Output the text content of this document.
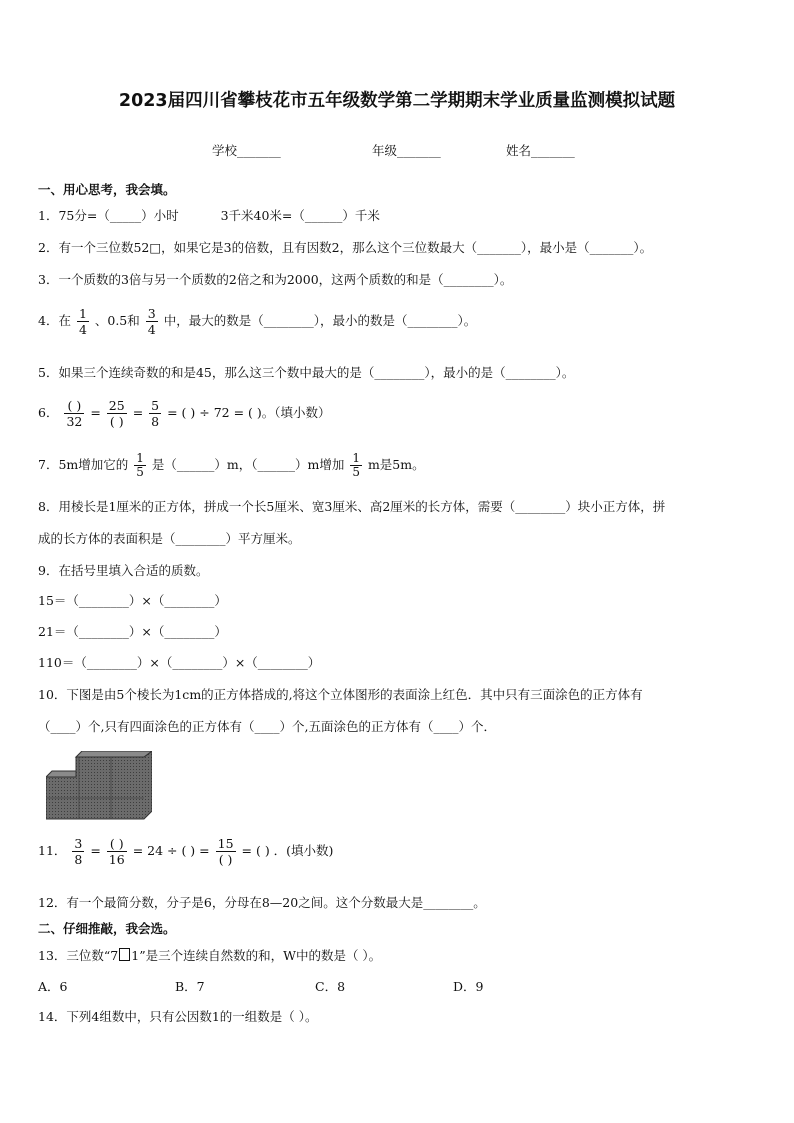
2023届四川省攀枝花市五年级数学第二学期期末学业质量监测模拟试题
学校_______	年级_______	姓名_______
一、用心思考，我会填。
1．75分=（_____）小时	3千米40米=（______）千米
2．有一个三位数52□，如果它是3的倍数，且有因数2，那么这个三位数最大（_______），最小是（_______）。
3．一个质数的3倍与另一个质数的2倍之和为2000，这两个质数的和是（________）。
4．在 $\frac{1}{4}$ 、0.5和 $\frac{3}{4}$ 中，最大的数是（________），最小的数是（________）。
5．如果三个连续奇数的和是45，那么这三个数中最大的是（________），最小的是（________）。
6． $\frac{( )}{32} = \frac{25}{( )} = \frac{5}{8}$ = ( ) ÷ 72 = ( )。（填小数）
7．5m增加它的 $\frac{1}{5}$ 是（______）m，（______）m增加 $\frac{1}{5}$ m是5m。
8．用棱长是1厘米的正方体，拼成一个长5厘米、宽3厘米、高2厘米的长方体，需要（________）块小正方体，拼
成的长方体的表面积是（________）平方厘米。
9．在括号里填入合适的质数。
15＝（________）×（________）
21＝（________）×（________）
110＝（________）×（________）×（________）
10．下图是由5个棱长为1cm的正方体搭成的,将这个立体图形的表面涂上红色．其中只有三面涂色的正方体有
（____）个,只有四面涂色的正方体有（____）个,五面涂色的正方体有（____）个．
11． $\frac{3}{8} = \frac{( )}{16} = 24$ ÷ ( ) = $\frac{15}{( )}$ = ( ) ．(填小数)
12．有一个最简分数，分子是6，分母在8—20之间。这个分数最大是________。
二、仔细推敲，我会选。
13．三位数“7 1”是三个连续自然数的和，W中的数是（ ）。
A．6	B．7	C．8	D．9
14．下列4组数中，只有公因数1的一组数是（ ）。
